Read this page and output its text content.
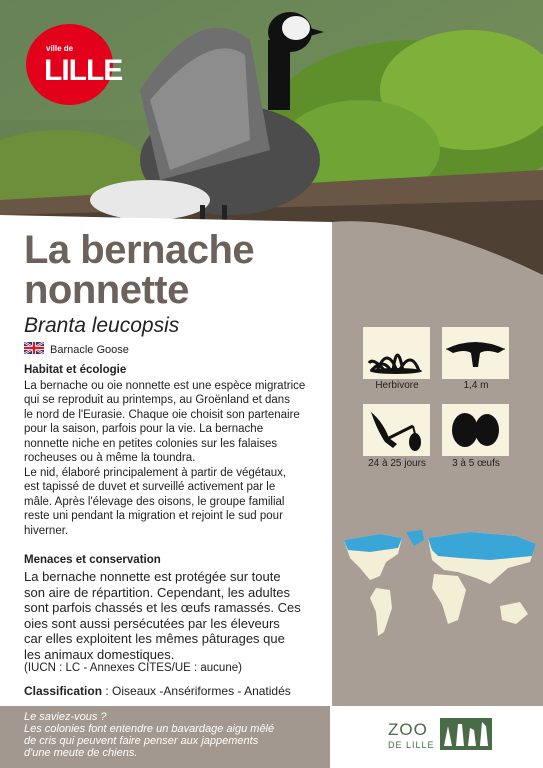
ville de
LILLE
La bernache
nonnette
Branta leucopsis
Barnacle Goose

Habitat et écologie

La bernache ou oie nonnette est une espèce migratrice
qui se reproduit au printemps, au Groënland et dans
le nord de l'Eurasie. Chaque oie choisit son partenaire
pour la saison, parfois pour la vie. La bernache
nonnette niche en petites colonies sur les falaises
rocheuses ou à même la toundra.
Le nid, élaboré principalement à partir de végétaux,
est tapissé de duvet et surveillé activement par le
mâle. Après l'élevage des oisons, le groupe familial
reste uni pendant la migration et rejoint le sud pour
hiverner.

Menaces et conservation

La bernache nonnette est protégée sur toute
son aire de répartition. Cependant, les adultes
sont parfois chassés et les œufs ramassés. Ces
oies sont aussi persécutées par les éleveurs
car elles exploitent les mêmes pâturages que
les animaux domestiques.
(IUCN : LC - Annexes CITES/UE : aucune)
Classification : Oiseaux -Ansériformes - Anatidés
Herbivore	1,4 m
24 à 25 jours	3 à 5 œufs

Le saviez-vous ?

Les colonies font entendre un bavardage aigu mêlé

de cris qui peuvent faire penser aux jappements

d'une meute de chiens.

ZOO
DE LILLE
